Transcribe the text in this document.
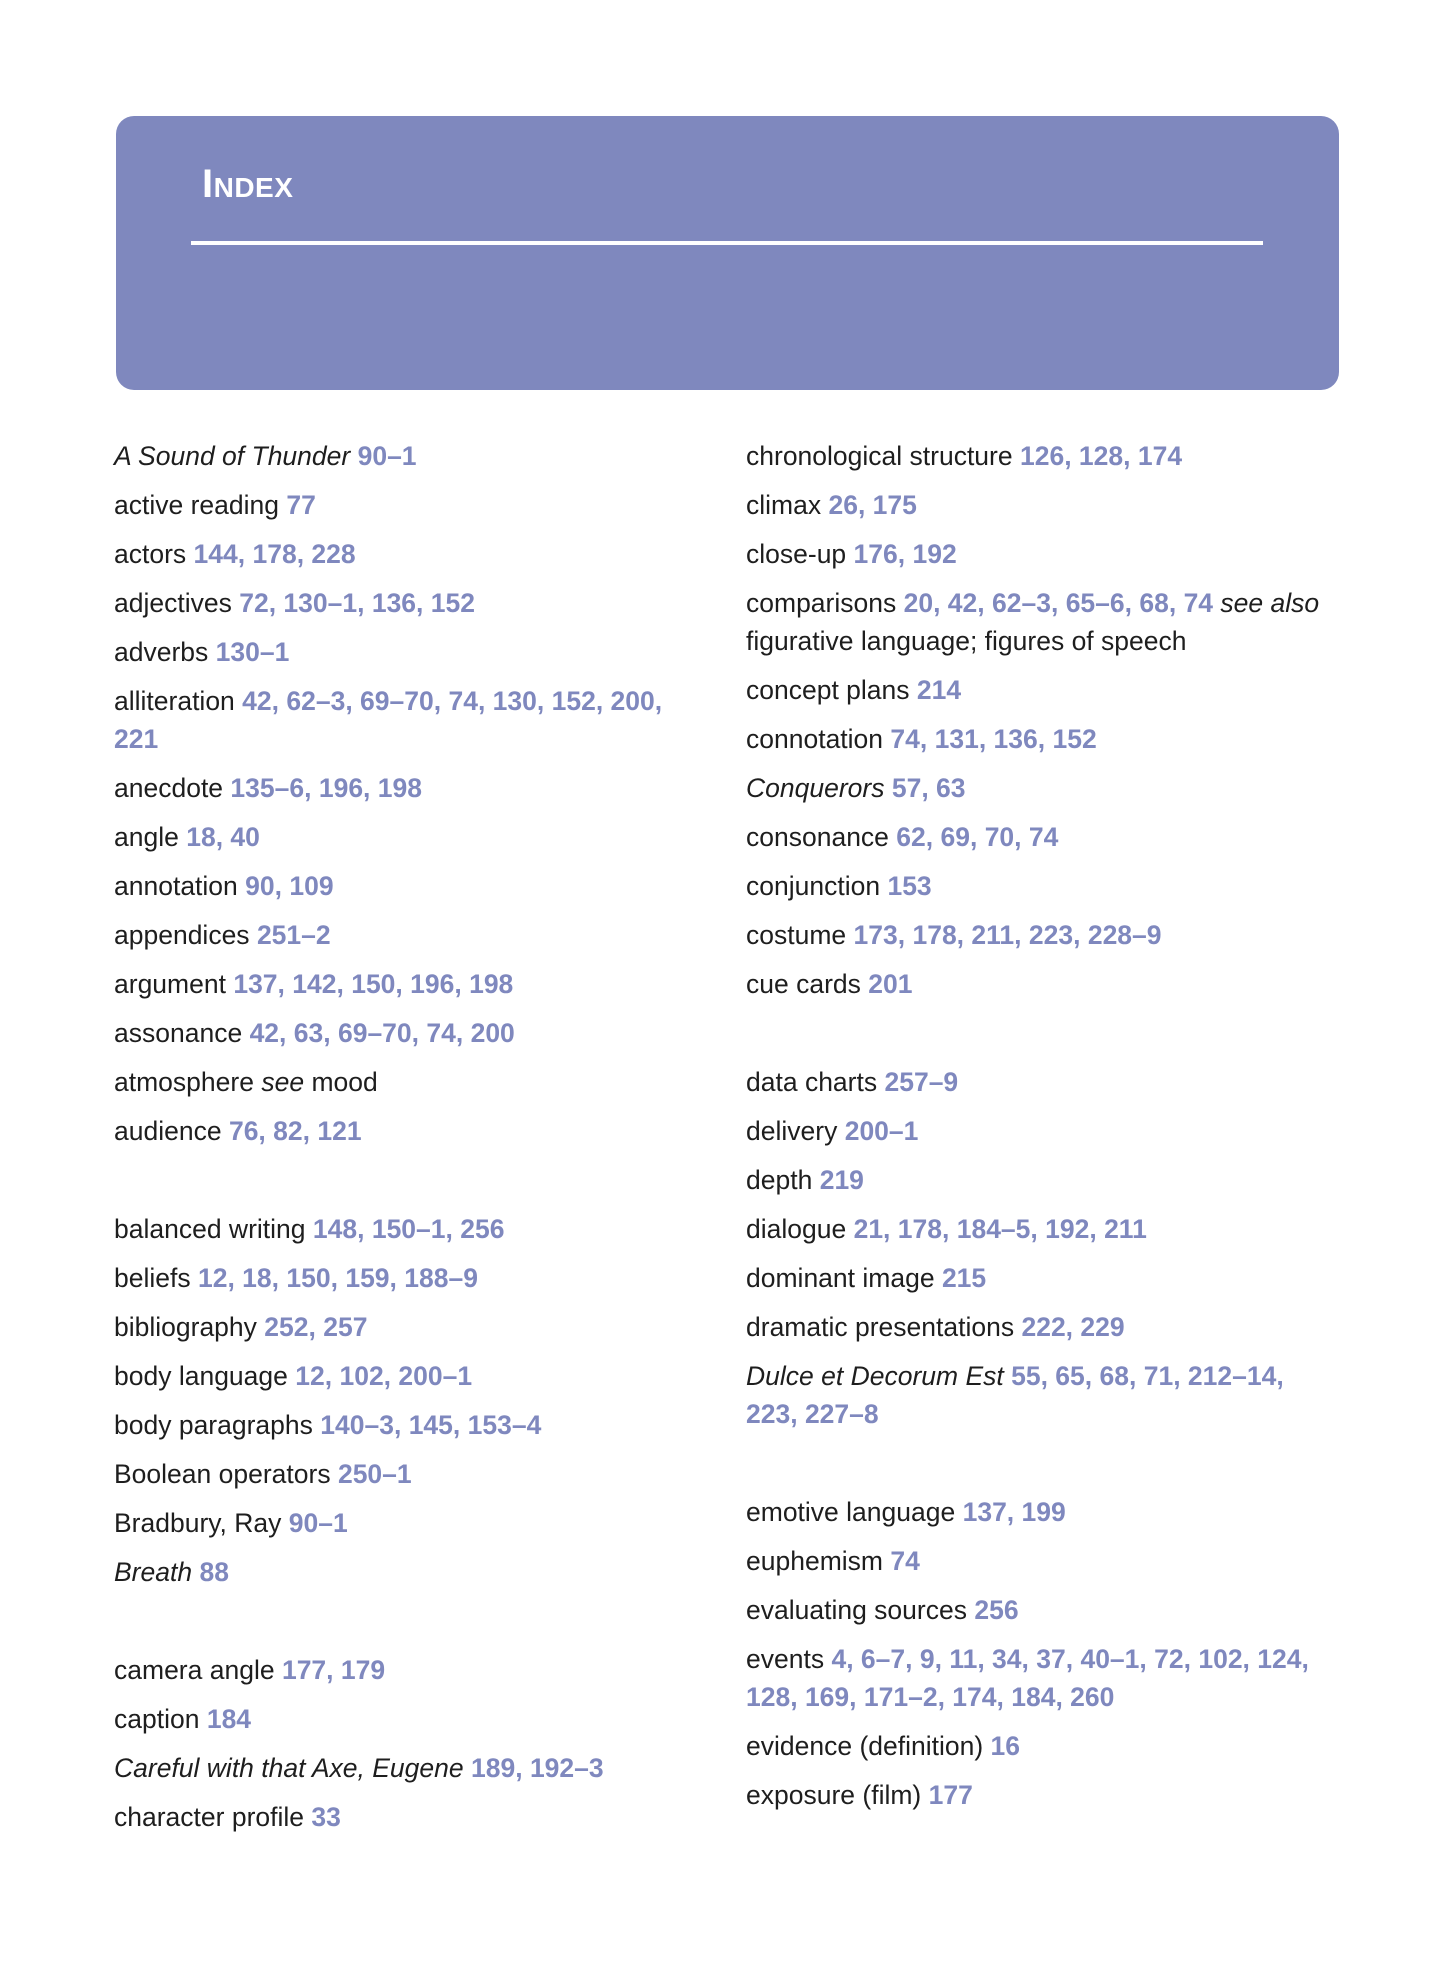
Index
A Sound of Thunder 90–1
active reading 77
actors 144, 178, 228
adjectives 72, 130–1, 136, 152
adverbs 130–1
alliteration 42, 62–3, 69–70, 74, 130, 152, 200, 221
anecdote 135–6, 196, 198
angle 18, 40
annotation 90, 109
appendices 251–2
argument 137, 142, 150, 196, 198
assonance 42, 63, 69–70, 74, 200
atmosphere see mood
audience 76, 82, 121
balanced writing 148, 150–1, 256
beliefs 12, 18, 150, 159, 188–9
bibliography 252, 257
body language 12, 102, 200–1
body paragraphs 140–3, 145, 153–4
Boolean operators 250–1
Bradbury, Ray 90–1
Breath 88
camera angle 177, 179
caption 184
Careful with that Axe, Eugene 189, 192–3
character profile 33
chronological structure 126, 128, 174
climax 26, 175
close-up 176, 192
comparisons 20, 42, 62–3, 65–6, 68, 74 see also figurative language; figures of speech
concept plans 214
connotation 74, 131, 136, 152
Conquerors 57, 63
consonance 62, 69, 70, 74
conjunction 153
costume 173, 178, 211, 223, 228–9
cue cards 201
data charts 257–9
delivery 200–1
depth 219
dialogue 21, 178, 184–5, 192, 211
dominant image 215
dramatic presentations 222, 229
Dulce et Decorum Est 55, 65, 68, 71, 212–14, 223, 227–8
emotive language 137, 199
euphemism 74
evaluating sources 256
events 4, 6–7, 9, 11, 34, 37, 40–1, 72, 102, 124, 128, 169, 171–2, 174, 184, 260
evidence (definition) 16
exposure (film) 177
